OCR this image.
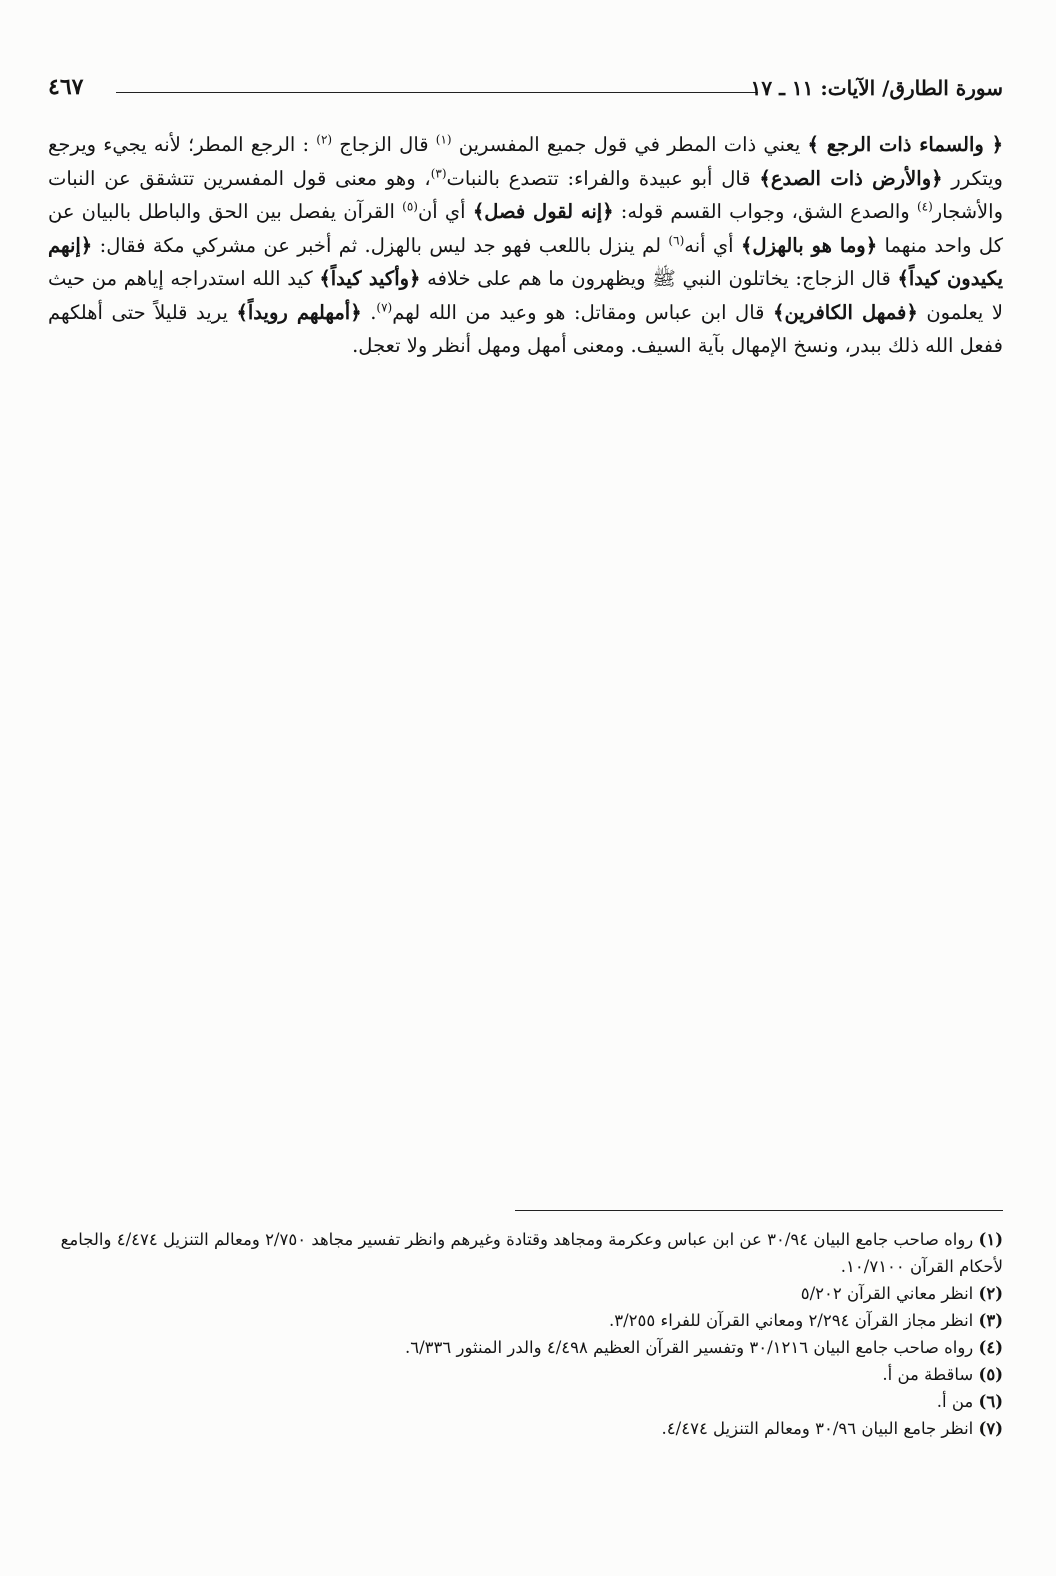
٤٦٧	سورة الطارق/ الآيات: ١١ ـ ١٧
﴿ والسماء ذات الرجع ﴾ يعني ذات المطر في قول جميع المفسرين $^{(١)}$ قال الزجاج $^{(٢)}$ : الرجع المطر؛ لأنه يجيء ويرجع ويتكرر ﴿والأرض ذات الصدع﴾ قال أبو عبيدة والفراء: تتصدع بالنبات$^{(٣)}$، وهو معنى قول المفسرين تتشقق عن النبات والأشجار$^{(٤)}$ والصدع الشق، وجواب القسم قوله: ﴿إنه لقول فصل﴾ أي أن$^{(٥)}$ القرآن يفصل بين الحق والباطل بالبيان عن كل واحد منهما ﴿وما هو بالهزل﴾ أي أنه$^{(٦)}$ لم ينزل باللعب فهو جد ليس بالهزل. ثم أخبر عن مشركي مكة فقال: ﴿إنهم يكيدون كيداً﴾ قال الزجاج: يخاتلون النبي ﷺ ويظهرون ما هم على خلافه ﴿وأكيد كيداً﴾ كيد الله استدراجه إياهم من حيث لا يعلمون ﴿فمهل الكافرين﴾ قال ابن عباس ومقاتل: هو وعيد من الله لهم$^{(٧)}$. ﴿أمهلهم رويداً﴾ يريد قليلاً حتى أهلكهم ففعل الله ذلك ببدر، ونسخ الإمهال بآية السيف. ومعنى أمهل ومهل أنظر ولا تعجل.
(١) رواه صاحب جامع البيان ٣٠/٩٤ عن ابن عباس وعكرمة ومجاهد وقتادة وغيرهم وانظر تفسير مجاهد ٢/٧٥٠ ومعالم التنزيل ٤/٤٧٤ والجامع لأحكام القرآن ١٠/٧١٠٠.
(٢) انظر معاني القرآن ٥/٢٠٢
(٣) انظر مجاز القرآن ٢/٢٩٤ ومعاني القرآن للفراء ٣/٢٥٥.
(٤) رواه صاحب جامع البيان ٣٠/١٢١٦ وتفسير القرآن العظيم ٤/٤٩٨ والدر المنثور ٦/٣٣٦.
(٥) ساقطة من أ.
(٦) من أ.
(٧) انظر جامع البيان ٣٠/٩٦ ومعالم التنزيل ٤/٤٧٤.
